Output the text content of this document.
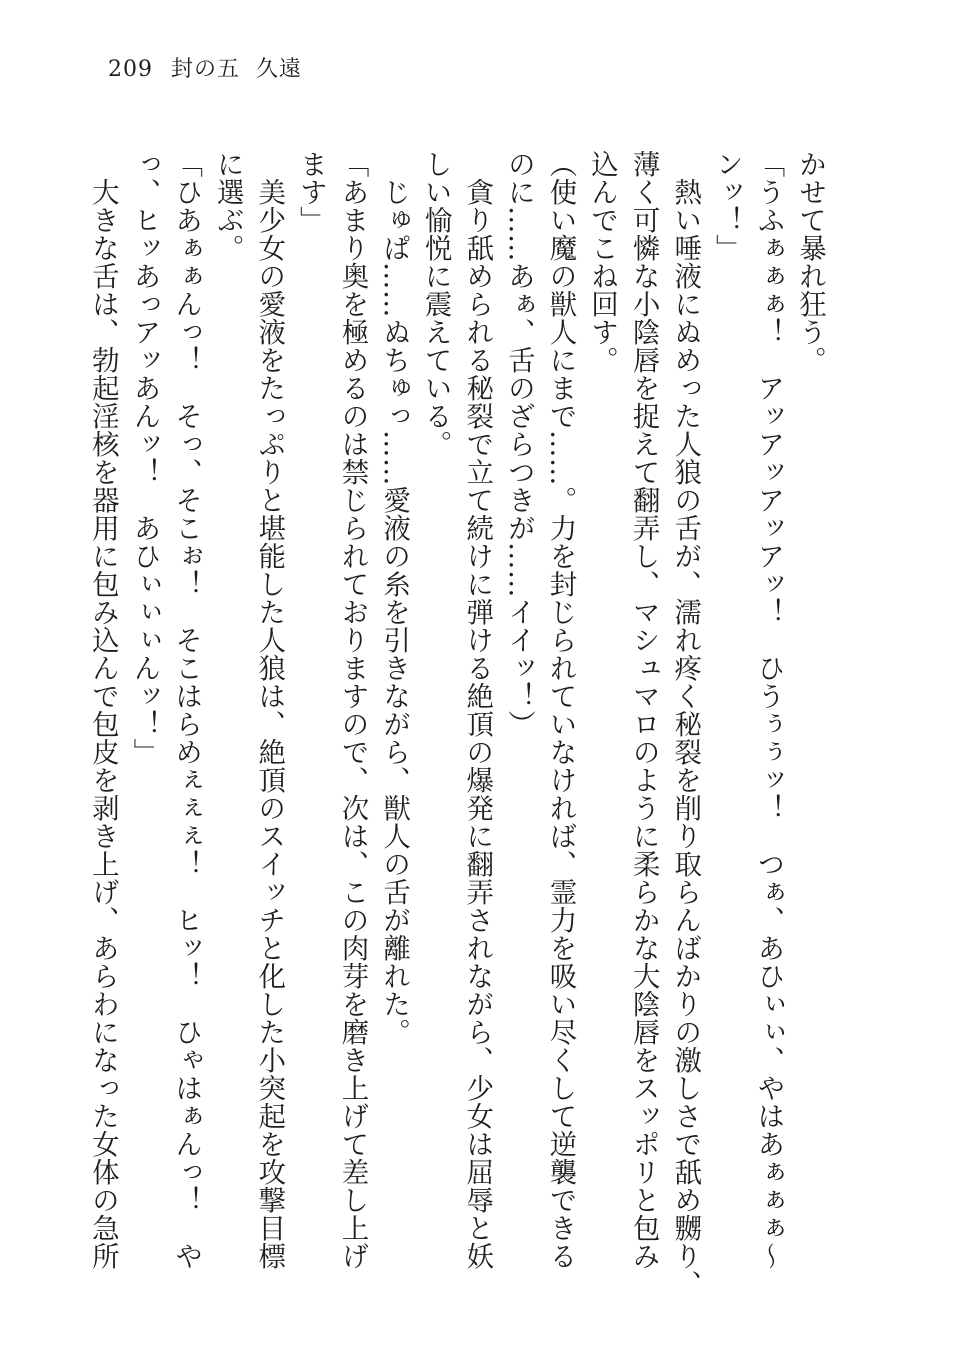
209 封の五 久遠

かせて暴れ狂う。

「うふぁぁぁ！　アッアッアッアッ！　ひうぅぅッ！　つぁ、あひぃぃ、やはあぁぁぁ〜

ンッ！」

　熱い唾液にぬめった人狼の舌が、濡れ疼く秘裂を削り取らんばかりの激しさで舐め嬲り、

薄く可憐な小陰唇を捉えて翻弄し、マシュマロのように柔らかな大陰唇をスッポリと包み

込んでこね回す。

（使い魔の獣人にまで……。力を封じられていなければ、霊力を吸い尽くして逆襲できる

のに……あぁ、舌のざらつきが……イイッ！）

　貪り舐められる秘裂で立て続けに弾ける絶頂の爆発に翻弄されながら、少女は屈辱と妖

しい愉悦に震えている。

　じゅぱ……ぬちゅっ……愛液の糸を引きながら、獣人の舌が離れた。

「あまり奥を極めるのは禁じられておりますので、次は、この肉芽を磨き上げて差し上げ

ます」

　美少女の愛液をたっぷりと堪能した人狼は、絶頂のスイッチと化した小突起を攻撃目標

に選ぶ。

「ひあぁぁんっ！　そっ、そこぉ！　そこはらめぇぇぇ！　ヒッ！　ひゃはぁんっ！　や

っ、ヒッあっアッあんッ！　あひぃぃぃんッ！」

　大きな舌は、勃起淫核を器用に包み込んで包皮を剥き上げ、あらわになった女体の急所
